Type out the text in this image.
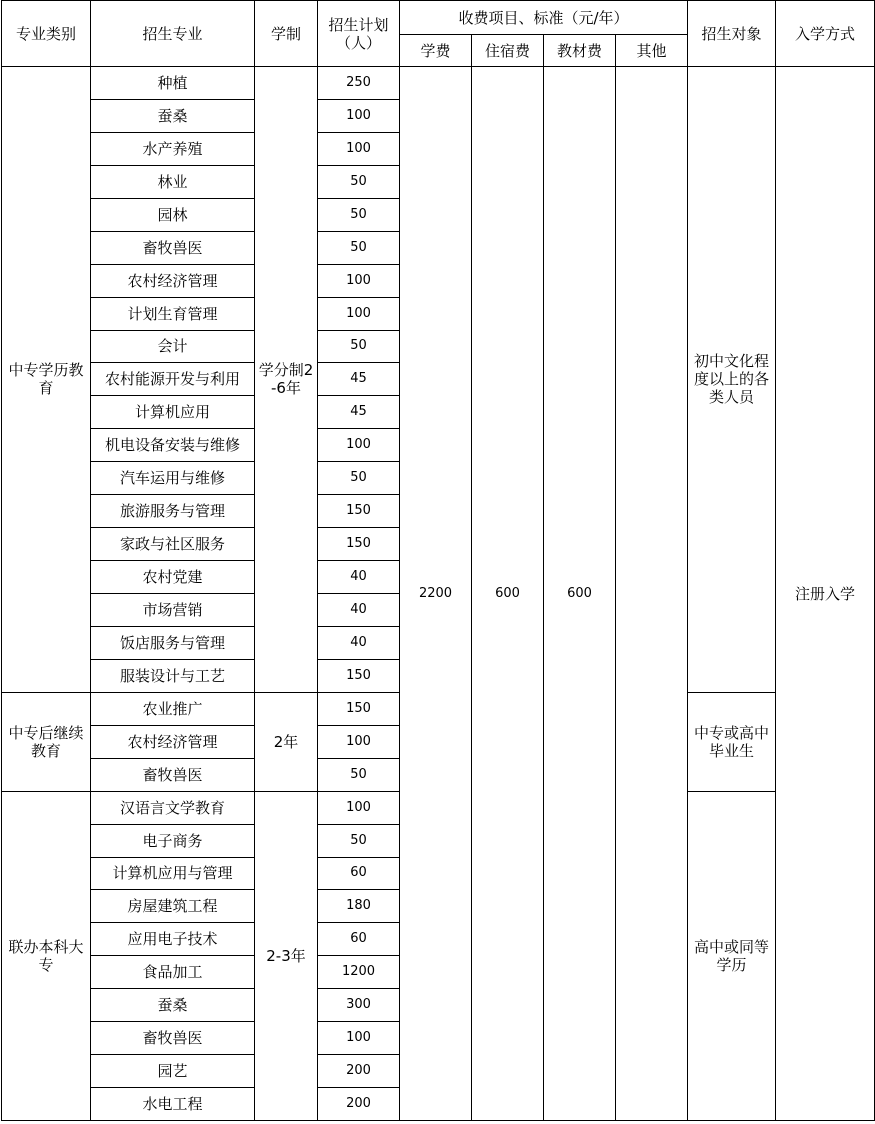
专业类别	招生专业	学制	招生计划（人）	收费项目、标准（元/年）				招生对象	入学方式
				学费	住宿费	教材费	其他		
中专学历教育	种植	学分制2-6年	250	2200	600	600		初中文化程度以上的各类人员	注册入学
	蚕桑		100						
	水产养殖		100						
	林业		50						
	园林		50						
	畜牧兽医		50						
	农村经济管理		100						
	计划生育管理		100						
	会计		50						
	农村能源开发与利用		45						
	计算机应用		45						
	机电设备安装与维修		100						
	汽车运用与维修		50						
	旅游服务与管理		150						
	家政与社区服务		150						
	农村党建		40						
	市场营销		40						
	饭店服务与管理		40						
	服装设计与工艺		150						
中专后继续教育	农业推广	2年	150					中专或高中毕业生	
	农村经济管理		100						
	畜牧兽医		50						
联办本科大专	汉语言文学教育	2-3年	100					高中或同等学历	
	电子商务		50						
	计算机应用与管理		60						
	房屋建筑工程		180						
	应用电子技术		60						
	食品加工		1200						
	蚕桑		300						
	畜牧兽医		100						
	园艺		200						
	水电工程		200						
